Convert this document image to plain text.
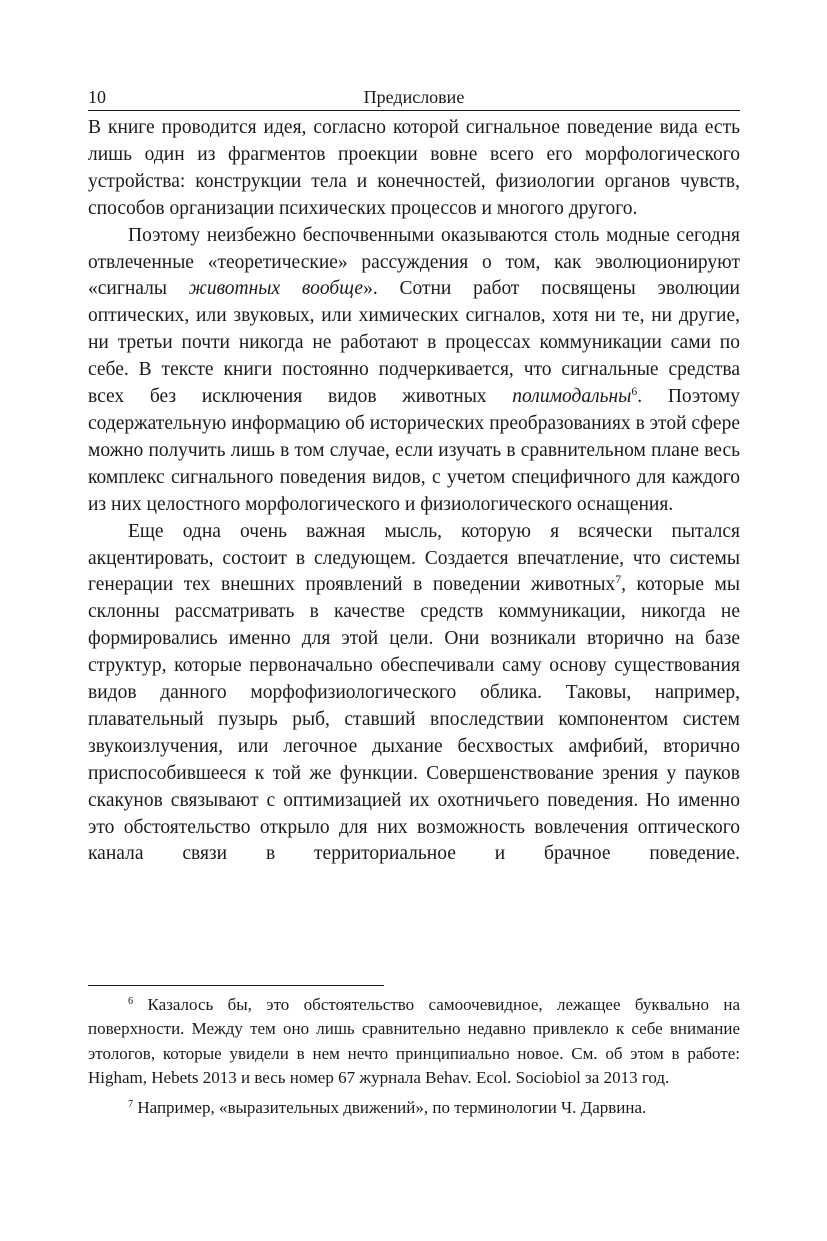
10	Предисловие

В книге проводится идея, согласно которой сигнальное поведение вида есть лишь один из фрагментов проекции вовне всего его морфологического устройства: конструкции тела и конечностей, физиологии органов чувств, способов организации психических процессов и многого другого.

Поэтому неизбежно беспочвенными оказываются столь модные сегодня отвлеченные «теоретические» рассуждения о том, как эволюционируют «сигналы животных вообще». Сотни работ посвящены эволюции оптических, или звуковых, или химических сигналов, хотя ни те, ни другие, ни третьи почти никогда не работают в процессах коммуникации сами по себе. В тексте книги постоянно подчеркивается, что сигнальные средства всех без исключения видов животных полимодальны$^6$. Поэтому содержательную информацию об исторических преобразованиях в этой сфере можно получить лишь в том случае, если изучать в сравнительном плане весь комплекс сигнального поведения видов, с учетом специфичного для каждого из них целостного морфологического и физиологического оснащения.

Еще одна очень важная мысль, которую я всячески пытался акцентировать, состоит в следующем. Создается впечатление, что системы генерации тех внешних проявлений в поведении животных$^7$, которые мы склонны рассматривать в качестве средств коммуникации, никогда не формировались именно для этой цели. Они возникали вторично на базе структур, которые первоначально обеспечивали саму основу существования видов данного морфофизиологического облика. Таковы, например, плавательный пузырь рыб, ставший впоследствии компонентом систем звукоизлучения, или легочное дыхание бесхвостых амфибий, вторично приспособившееся к той же функции. Совершенствование зрения у пауков скакунов связывают с оптимизацией их охотничьего поведения. Но именно это обстоятельство открыло для них возможность вовлечения оптического канала связи в территориальное и брачное поведение.

$^6$ Казалось бы, это обстоятельство самоочевидное, лежащее буквально на поверхности. Между тем оно лишь сравнительно недавно привлекло к себе внимание этологов, которые увидели в нем нечто принципиально новое. См. об этом в работе: Higham, Hebets 2013 и весь номер 67 журнала Behav. Ecol. Sociobiol за 2013 год.

$^7$ Например, «выразительных движений», по терминологии Ч. Дарвина.
